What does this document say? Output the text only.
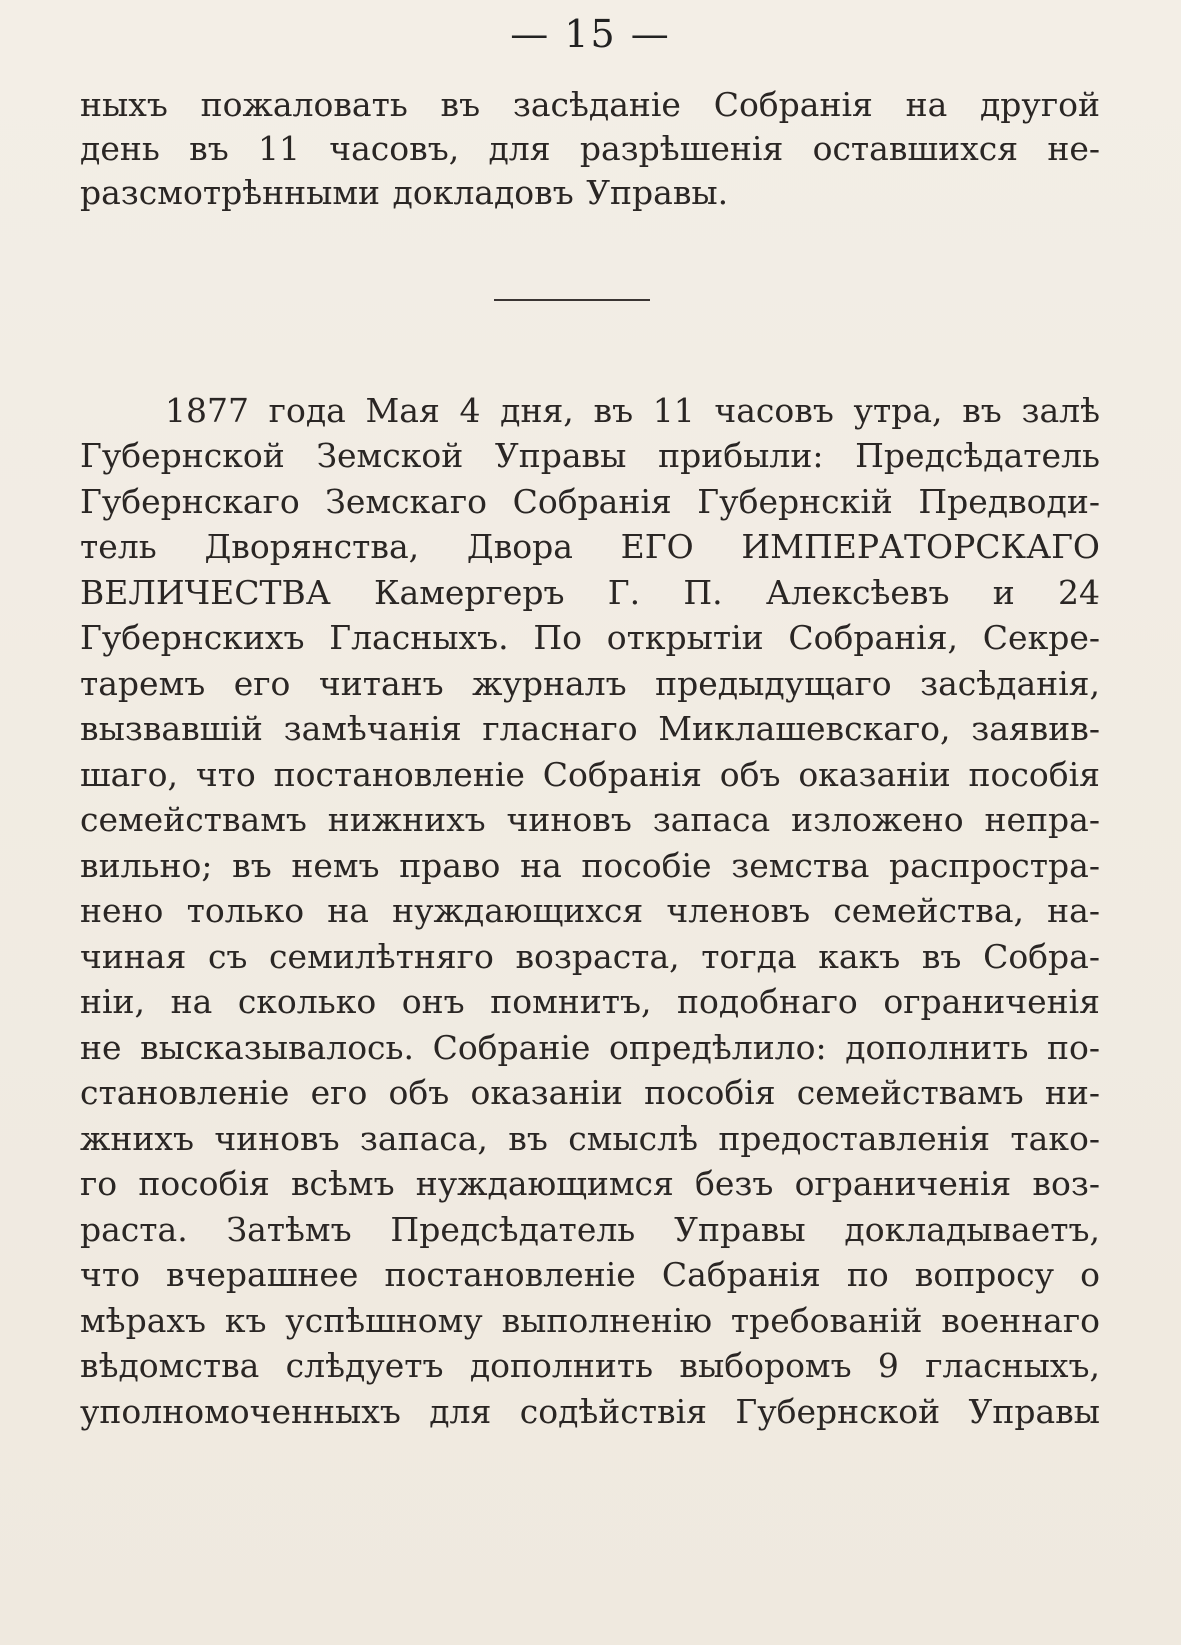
— 15 —
ныхъ пожаловать въ засѣданіе Собранія на другой
день въ 11 часовъ, для разрѣшенія оставшихся не-
разсмотрѣнными докладовъ Управы.
1877 года Мая 4 дня, въ 11 часовъ утра, въ залѣ
Губернской Земской Управы прибыли: Предсѣдатель
Губернскаго Земскаго Собранія Губернскій Предводи-
тель Дворянства, Двора ЕГО ИМПЕРАТОРСКАГО
ВЕЛИЧЕСТВА Камергеръ Г. П. Алексѣевъ и 24
Губернскихъ Гласныхъ. По открытіи Собранія, Секре-
таремъ его читанъ журналъ предыдущаго засѣданія,
вызвавшій замѣчанія гласнаго Миклашевскаго, заявив-
шаго, что постановленіе Собранія объ оказаніи пособія
семействамъ нижнихъ чиновъ запаса изложено непра-
вильно; въ немъ право на пособіе земства распростра-
нено только на нуждающихся членовъ семейства, на-
чиная съ семилѣтняго возраста, тогда какъ въ Собра-
ніи, на сколько онъ помнитъ, подобнаго ограниченія
не высказывалось. Собраніе опредѣлило: дополнить по-
становленіе его объ оказаніи пособія семействамъ ни-
жнихъ чиновъ запаса, въ смыслѣ предоставленія тако-
го пособія всѣмъ нуждающимся безъ ограниченія воз-
раста. Затѣмъ Предсѣдатель Управы докладываетъ,
что вчерашнее постановленіе Сабранія по вопросу о
мѣрахъ къ успѣшному выполненію требованій военнаго
вѣдомства слѣдуетъ дополнить выборомъ 9 гласныхъ,
уполномоченныхъ для содѣйствія Губернской Управы
